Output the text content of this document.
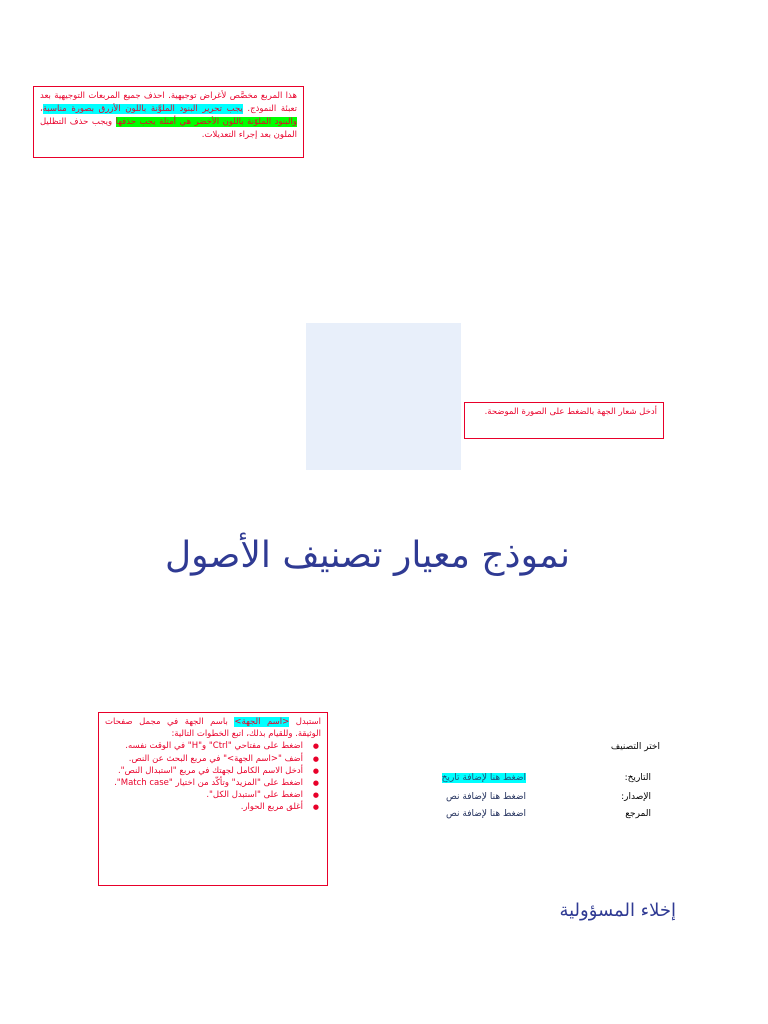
هذا المربع مخصَّص لأغراض توجيهية. احذف جميع المربعات التوجيهية بعد تعبئة النموذج. يجب تحرير البنود الملوَّنة باللون الأزرق بصورة مناسبة، والبنود الملوّنة باللون الأخضر هي أمثلة يجب حذفها ويجب حذف التظليل الملون بعد إجراء التعديلات.
أدخل شعار الجهة بالضغط على الصورة الموضحة.
نموذج معيار تصنيف الأصول
استبدل <اسم الجهة> باسم الجهة في مجمل صفحات الوثيقة. وللقيام بذلك، اتبع الخطوات التالية:
● اضغط على مفتاحي "Ctrl" و"H" في الوقت نفسه.
● أضف "<اسم الجهة>" في مربع البحث عن النص.
● أدخل الاسم الكامل لجهتك في مربع "استبدال النص".
● اضغط على "المزيد" وتأكّد من اختيار "Match case".
● اضغط على "استبدل الكل".
● أغلق مربع الحوار.

اختر التصنيف

التاريخ:
اضغط هنا لإضافة تاريخ
الإصدار:
اضغط هنا لإضافة نص
المرجع
اضغط هنا لإضافة نص
إخلاء المسؤولية
